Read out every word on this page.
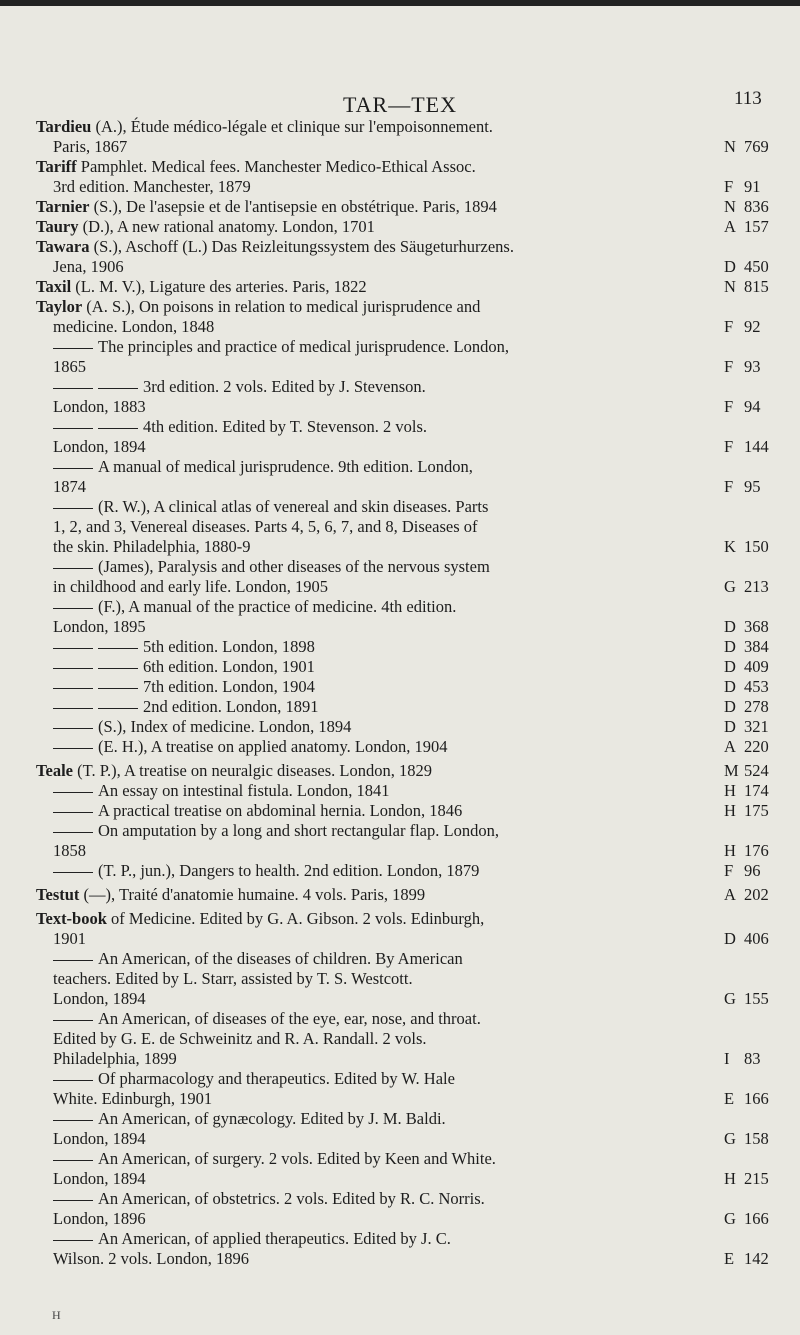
TAR—TEX	113
Tardieu (A.), Étude médico-légale et clinique sur l'empoisonnement.
Paris, 1867	N 769
Tariff Pamphlet. Medical fees. Manchester Medico-Ethical Assoc.
3rd edition. Manchester, 1879	F 91
Tarnier (S.), De l'asepsie et de l'antisepsie en obstétrique. Paris, 1894	N 836
Taury (D.), A new rational anatomy. London, 1701	A 157
Tawara (S.), Aschoff (L.) Das Reizleitungssystem des Säugeturhurzens.
Jena, 1906	D 450
Taxil (L. M. V.), Ligature des arteries. Paris, 1822	N 815
Taylor (A. S.), On poisons in relation to medical jurisprudence and
medicine. London, 1848	F 92
The principles and practice of medical jurisprudence. London,
1865	F 93
3rd edition. 2 vols. Edited by J. Stevenson.
London, 1883	F 94
4th edition. Edited by T. Stevenson. 2 vols.
London, 1894	F 144
A manual of medical jurisprudence. 9th edition. London,
1874	F 95
(R. W.), A clinical atlas of venereal and skin diseases. Parts
1, 2, and 3, Venereal diseases. Parts 4, 5, 6, 7, and 8, Diseases of
the skin. Philadelphia, 1880-9	K 150
(James), Paralysis and other diseases of the nervous system
in childhood and early life. London, 1905	G 213
(F.), A manual of the practice of medicine. 4th edition.
London, 1895	D 368
5th edition. London, 1898	D 384
6th edition. London, 1901	D 409
7th edition. London, 1904	D 453
2nd edition. London, 1891	D 278
(S.), Index of medicine. London, 1894	D 321
(E. H.), A treatise on applied anatomy. London, 1904	A 220
Teale (T. P.), A treatise on neuralgic diseases. London, 1829	M 524
An essay on intestinal fistula. London, 1841	H 174
A practical treatise on abdominal hernia. London, 1846	H 175
On amputation by a long and short rectangular flap. London,
1858	H 176
(T. P., jun.), Dangers to health. 2nd edition. London, 1879	F 96
Testut (—), Traité d'anatomie humaine. 4 vols. Paris, 1899	A 202
Text-book of Medicine. Edited by G. A. Gibson. 2 vols. Edinburgh,
1901	D 406
An American, of the diseases of children. By American
teachers. Edited by L. Starr, assisted by T. S. Westcott.
London, 1894	G 155
An American, of diseases of the eye, ear, nose, and throat.
Edited by G. E. de Schweinitz and R. A. Randall. 2 vols.
Philadelphia, 1899	I 83
Of pharmacology and therapeutics. Edited by W. Hale
White. Edinburgh, 1901	E 166
An American, of gynæcology. Edited by J. M. Baldi.
London, 1894	G 158
An American, of surgery. 2 vols. Edited by Keen and White.
London, 1894	H 215
An American, of obstetrics. 2 vols. Edited by R. C. Norris.
London, 1896	G 166
An American, of applied therapeutics. Edited by J. C.
Wilson. 2 vols. London, 1896	E 142
H
